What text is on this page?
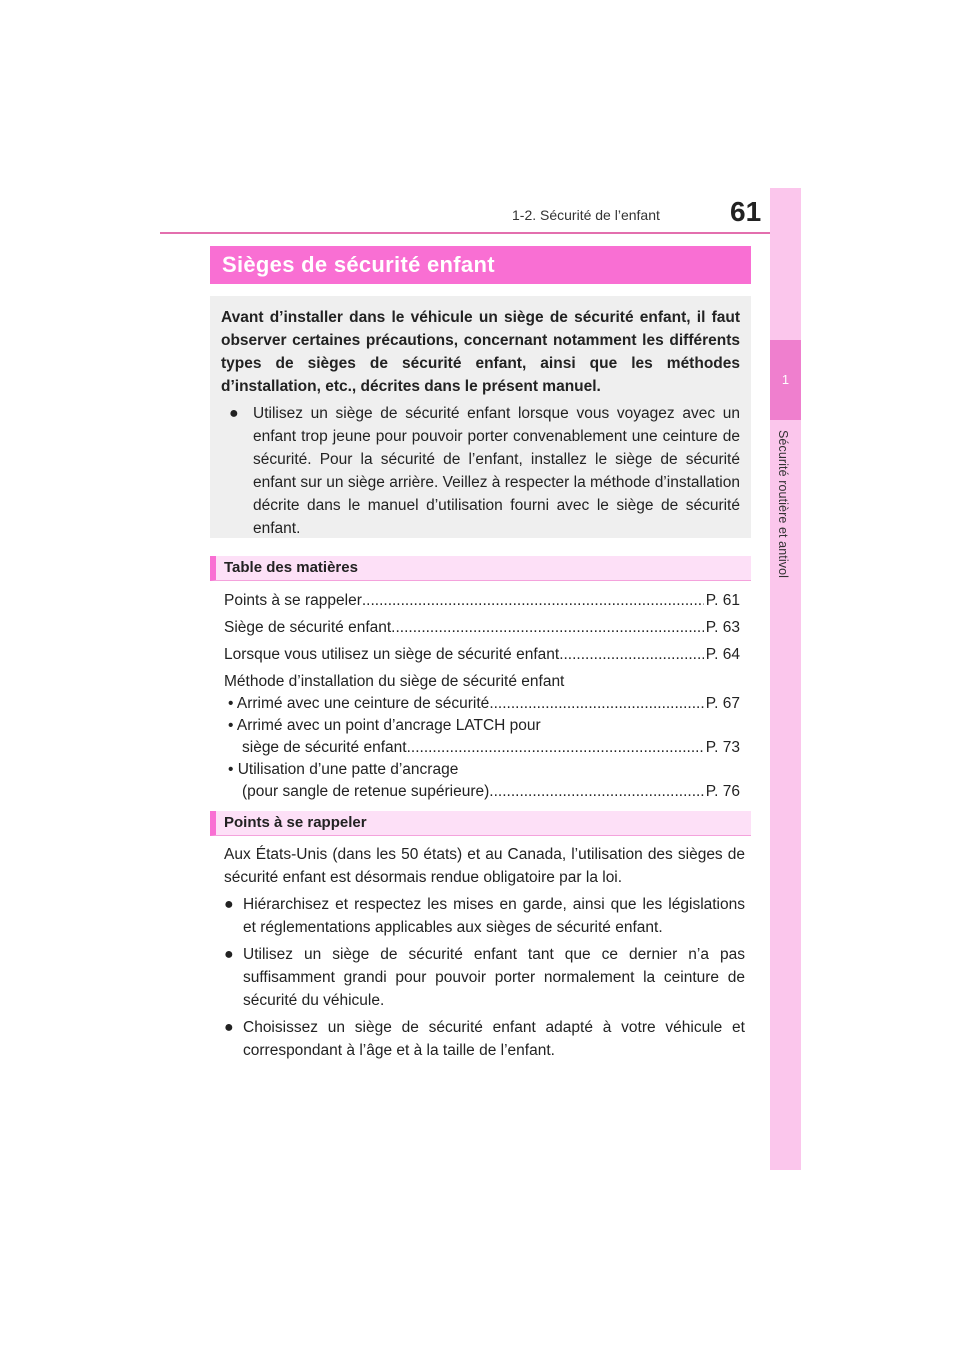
1-2. Sécurité de l’enfant	61
1
Sécurité routière et antivol
Sièges de sécurité enfant

Avant d’installer dans le véhicule un siège de sécurité enfant, il faut observer certaines précautions, concernant notamment les différents types de sièges de sécurité enfant, ainsi que les méthodes d’installation, etc., décrites dans le présent manuel.

● Utilisez un siège de sécurité enfant lorsque vous voyagez avec un enfant trop jeune pour pouvoir porter convenablement une ceinture de sécurité. Pour la sécurité de l’enfant, installez le siège de sécurité enfant sur un siège arrière. Veillez à respecter la méthode d’installation décrite dans le manuel d’utilisation fourni avec le siège de sécurité enfant.
Table des matières
Points à se rappeler .....	P. 61
Siège de sécurité enfant .....	P. 63
Lorsque vous utilisez un siège de sécurité enfant .....	P. 64
Méthode d’installation du siège de sécurité enfant
• Arrimé avec une ceinture de sécurité .....	P. 67
• Arrimé avec un point d’ancrage LATCH pour
siège de sécurité enfant .....	P. 73
• Utilisation d’une patte d’ancrage
(pour sangle de retenue supérieure) .....	P. 76
Points à se rappeler

Aux États-Unis (dans les 50 états) et au Canada, l’utilisation des sièges de sécurité enfant est désormais rendue obligatoire par la loi.

● Hiérarchisez et respectez les mises en garde, ainsi que les législations et réglementations applicables aux sièges de sécurité enfant.
● Utilisez un siège de sécurité enfant tant que ce dernier n’a pas suffisamment grandi pour pouvoir porter normalement la ceinture de sécurité du véhicule.
● Choisissez un siège de sécurité enfant adapté à votre véhicule et correspondant à l’âge et à la taille de l’enfant.
